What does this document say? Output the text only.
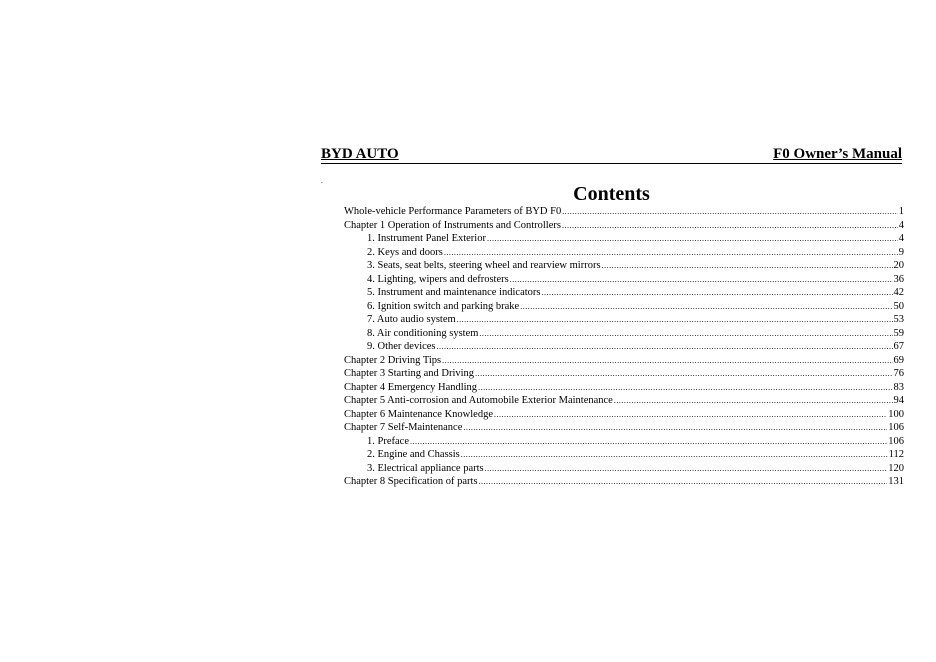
BYD AUTO	F0 Owner’s Manual
.
Contents
Whole-vehicle Performance Parameters of BYD F0 .....	1
Chapter 1 Operation of Instruments and Controllers .....	4
1. Instrument Panel Exterior .....	4
2. Keys and doors .....	9
3. Seats, seat belts, steering wheel and rearview mirrors .....	20
4. Lighting, wipers and defrosters .....	36
5. Instrument and maintenance indicators .....	42
6. Ignition switch and parking brake .....	50
7. Auto audio system .....	53
8. Air conditioning system .....	59
9. Other devices .....	67
Chapter 2 Driving Tips .....	69
Chapter 3 Starting and Driving .....	76
Chapter 4 Emergency Handling .....	83
Chapter 5 Anti-corrosion and Automobile Exterior Maintenance .....	94
Chapter 6 Maintenance Knowledge .....	100
Chapter 7 Self-Maintenance .....	106
1. Preface .....	106
2. Engine and Chassis .....	112
3. Electrical appliance parts .....	120
Chapter 8 Specification of parts .....	131
